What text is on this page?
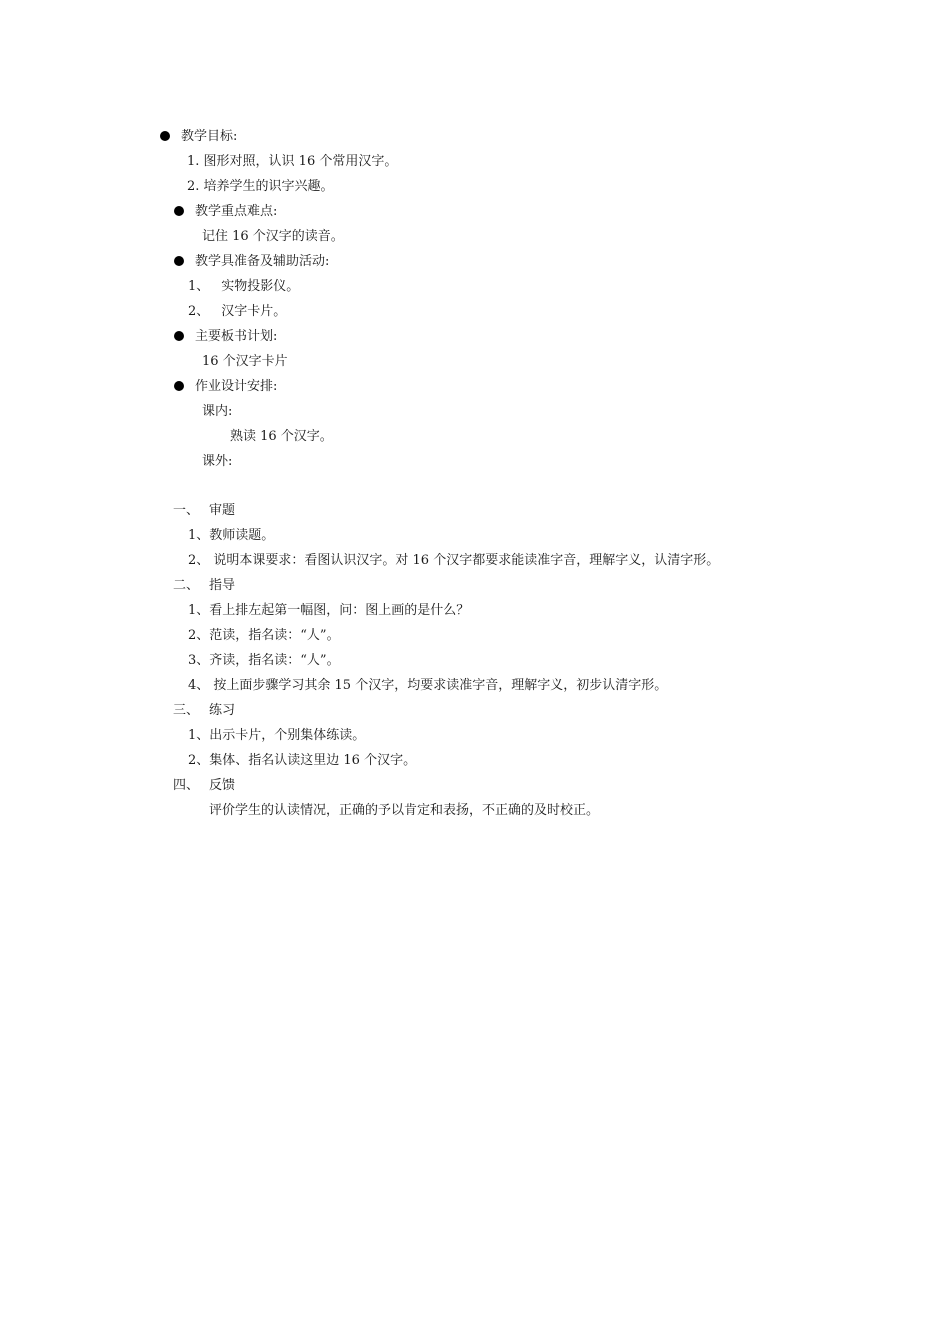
教学目标:
1. 图形对照，认识 16 个常用汉字。
2. 培养学生的识字兴趣。
教学重点难点:
记住 16 个汉字的读音。
教学具准备及辅助活动:
1、 实物投影仪。
2、 汉字卡片。
主要板书计划:
16 个汉字卡片
作业设计安排:
课内:
熟读 16 个汉字。
课外:
一、 审题
1、教师读题。
2、 说明本课要求：看图认识汉字。对 16 个汉字都要求能读准字音，理解字义，认清字形。
二、 指导
1、看上排左起第一幅图，问：图上画的是什么？
2、范读，指名读：“人”。
3、齐读，指名读：“人”。
4、 按上面步骤学习其余 15 个汉字，均要求读准字音，理解字义，初步认清字形。
三、 练习
1、出示卡片，个别集体练读。
2、集体、指名认读这里边 16 个汉字。
四、 反馈
评价学生的认读情况，正确的予以肯定和表扬，不正确的及时校正。
